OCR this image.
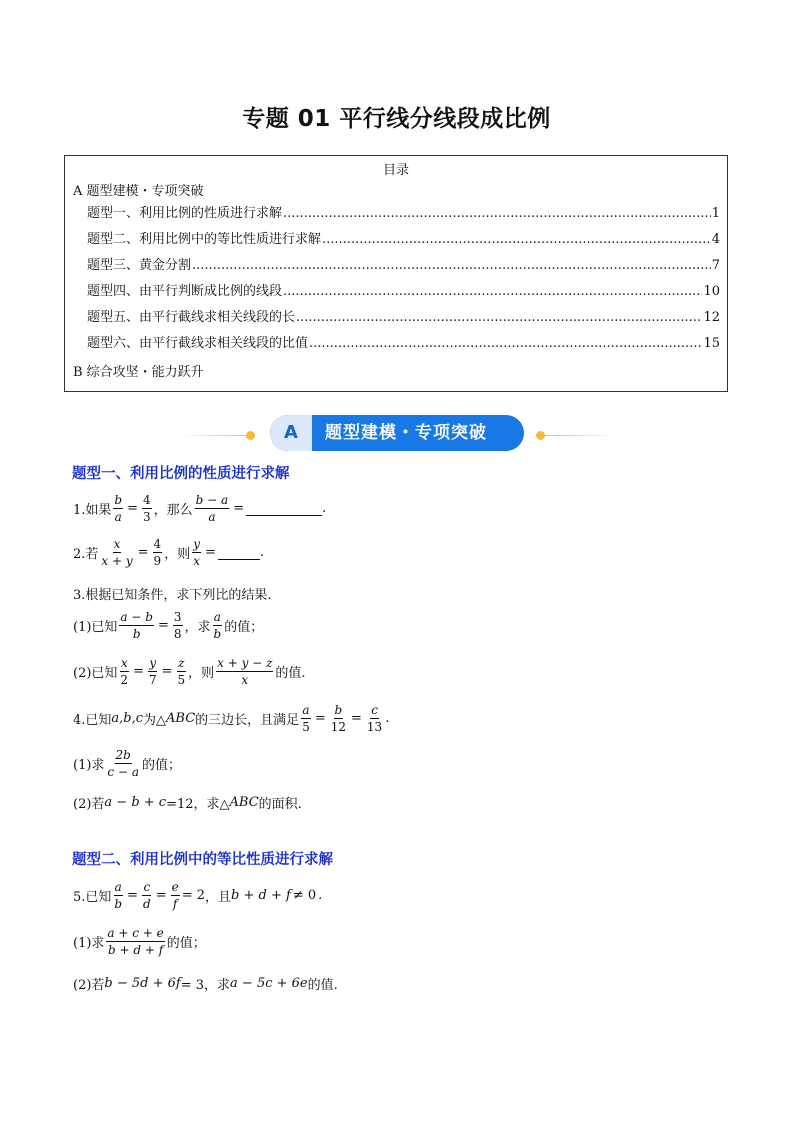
专题 01 平行线分线段成比例
目录
A 题型建模・专项突破
题型一、利用比例的性质进行求解 .....	1
题型二、利用比例中的等比性质进行求解 .....	4
题型三、黄金分割 .....	7
题型四、由平行判断成比例的线段 .....	10
题型五、由平行截线求相关线段的长 .....	12
题型六、由平行截线求相关线段的比值 .....	15
B 综合攻坚・能力跃升
A	题型建模・专项突破
题型一、利用比例的性质进行求解
1.如果 $\frac{b}{a} = \frac{4}{3}$ ，那么 $\frac{b - a}{a}$ =	.
2.若 $\frac{x}{x + y} = \frac{4}{9}$ ，则 $\frac{y}{x}$ =	.
3.根据已知条件，求下列比的结果.
(1)已知 $\frac{a - b}{b} = \frac{3}{8}$ ，求 $\frac{a}{b}$ 的值；
(2)已知 $\frac{x}{2} = \frac{y}{7} = \frac{z}{5}$ ，则 $\frac{x + y - z}{x}$ 的值.
4.已知 a,b,c 为△ ABC 的三边长，且满足 $\frac{a}{5} = \frac{b}{12} = \frac{c}{13}$ .
(1)求 $\frac{2b}{c - a}$ 的值；
(2)若 a − b + c =12，求△ ABC 的面积.
题型二、利用比例中的等比性质进行求解
5.已知 $\frac{a}{b} = \frac{c}{d} = \frac{e}{f} = 2$ ，且 b + d + f ≠ 0 .
(1)求 $\frac{a + c + e}{b + d + f}$ 的值；
(2)若 b − 5d + 6f = 3，求 a − 5c + 6e 的值.
